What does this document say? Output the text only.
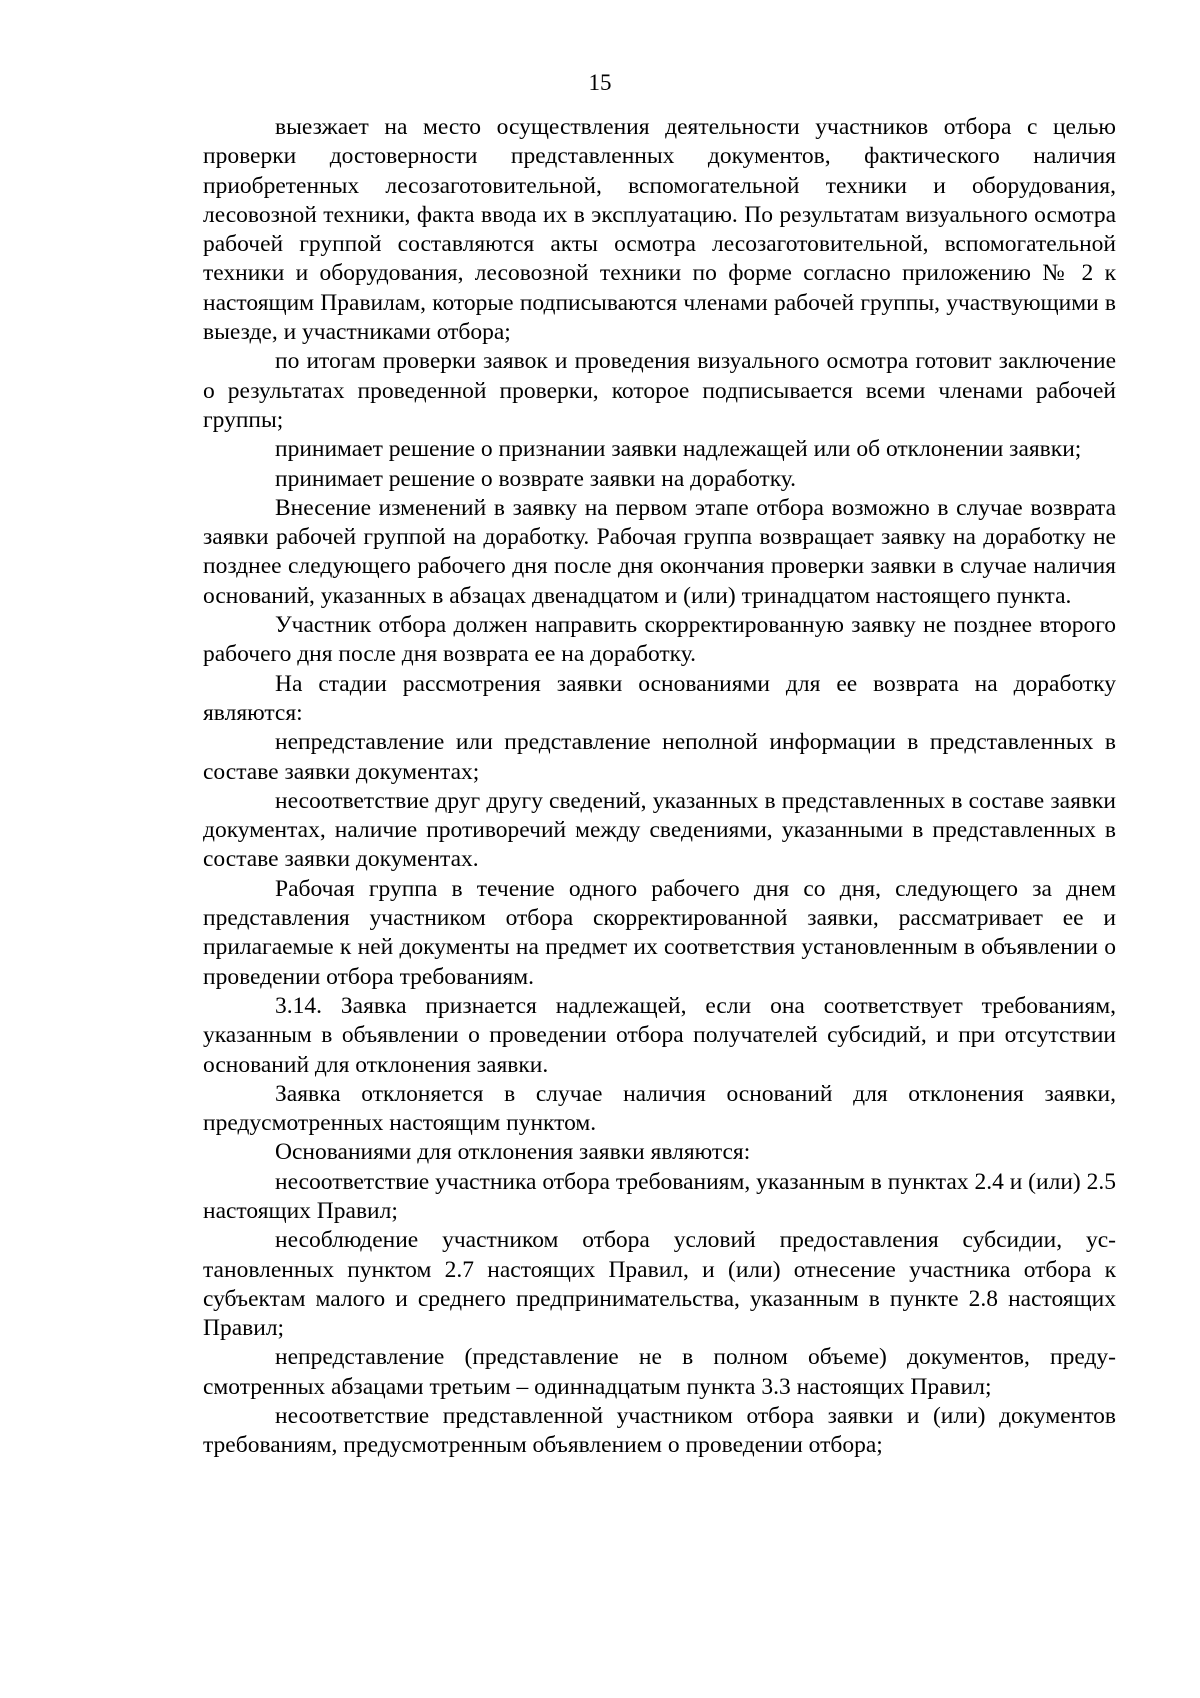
15

выезжает на место осуществления деятельности участников отбора с целью проверки достоверности представленных документов, фактического наличия приобретенных лесозаготовительной, вспомогательной техники и оборудования, лесовозной техники, факта ввода их в эксплуатацию. По результатам визуального осмотра рабочей группой составляются акты осмотра лесозаготовительной, вспомогательной техники и оборудования, лесовозной техники по форме согласно приложению № 2 к настоящим Правилам, которые подписываются членами рабочей группы, участвующими в выезде, и участниками отбора;

по итогам проверки заявок и проведения визуального осмотра готовит заключение о результатах проведенной проверки, которое подписывается всеми членами рабочей группы;

принимает решение о признании заявки надлежащей или об отклонении заявки;

принимает решение о возврате заявки на доработку.

Внесение изменений в заявку на первом этапе отбора возможно в случае возврата заявки рабочей группой на доработку. Рабочая группа возвращает заявку на доработку не позднее следующего рабочего дня после дня окончания проверки заявки в случае наличия оснований, указанных в абзацах двенадцатом и (или) тринадцатом настоящего пункта.

Участник отбора должен направить скорректированную заявку не позднее второго рабочего дня после дня возврата ее на доработку.

На стадии рассмотрения заявки основаниями для ее возврата на доработку являются:

непредставление или представление неполной информации в представленных в составе заявки документах;

несоответствие друг другу сведений, указанных в представленных в составе заявки документах, наличие противоречий между сведениями, указанными в представленных в составе заявки документах.

Рабочая группа в течение одного рабочего дня со дня, следующего за днем представления участником отбора скорректированной заявки, рассматривает ее и прилагаемые к ней документы на предмет их соответствия установленным в объявлении о проведении отбора требованиям.

3.14. Заявка признается надлежащей, если она соответствует требованиям, указанным в объявлении о проведении отбора получателей субсидий, и при отсутствии оснований для отклонения заявки.

Заявка отклоняется в случае наличия оснований для отклонения заявки, предусмотренных настоящим пунктом.

Основаниями для отклонения заявки являются:

несоответствие участника отбора требованиям, указанным в пунктах 2.4 и (или) 2.5 настоящих Правил;

несоблюдение участником отбора условий предоставления субсидии, установленных пунктом 2.7 настоящих Правил, и (или) отнесение участника отбора к субъектам малого и среднего предпринимательства, указанным в пункте 2.8 настоящих Правил;

непредставление (представление не в полном объеме) документов, предусмотренных абзацами третьим – одиннадцатым пункта 3.3 настоящих Правил;

несоответствие представленной участником отбора заявки и (или) документов требованиям, предусмотренным объявлением о проведении отбора;
